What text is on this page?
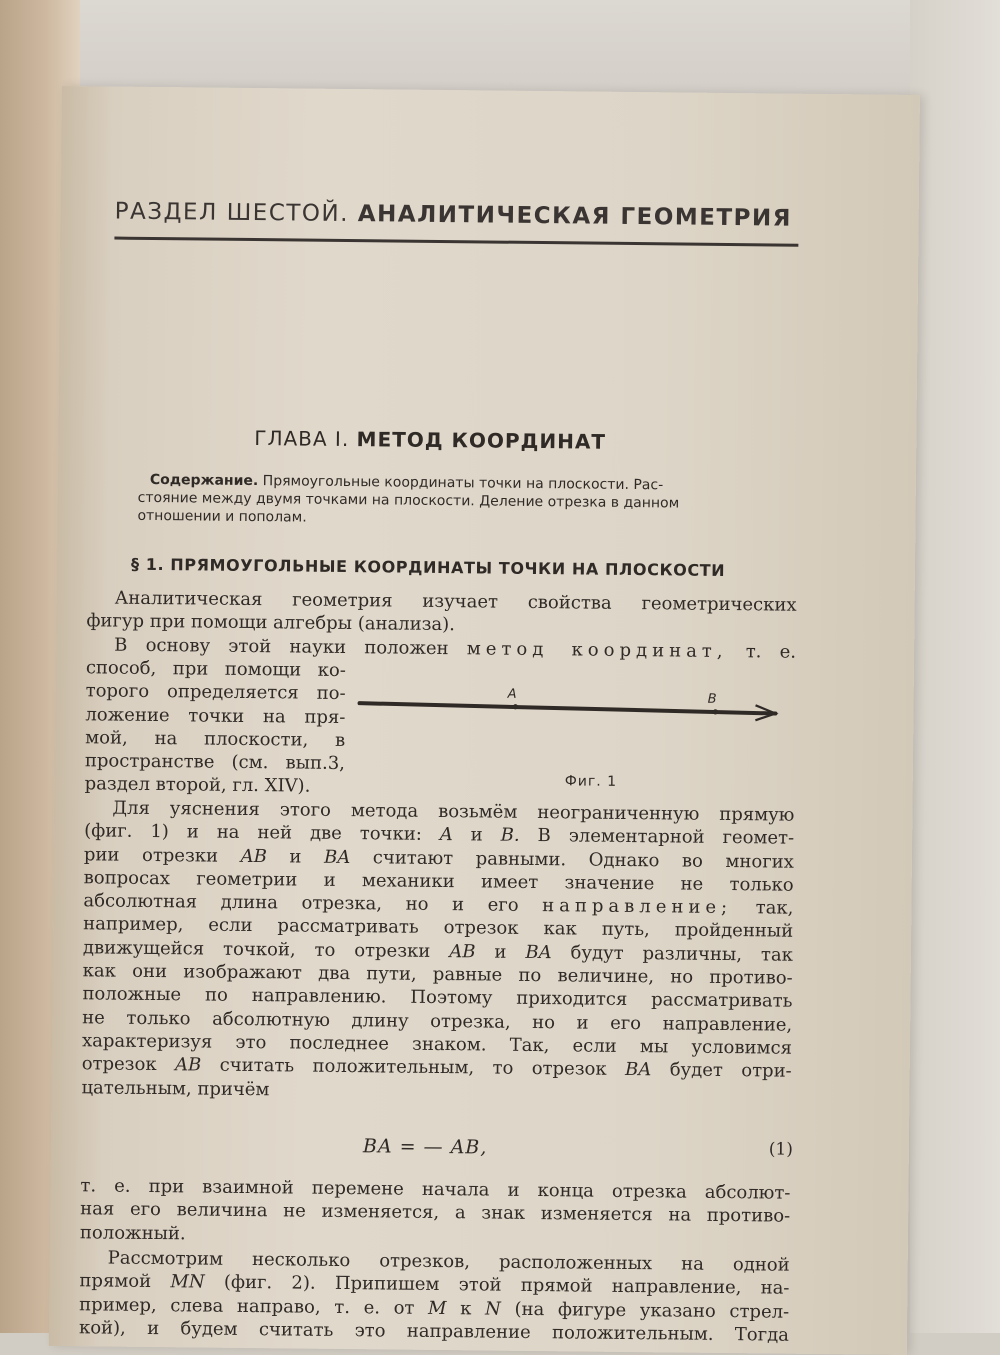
РАЗДЕЛ ШЕСТОЙ. АНАЛИТИЧЕСКАЯ ГЕОМЕТРИЯ
ГЛАВА I. МЕТОД КООРДИНАТ
Содержание. Прямоугольные координаты точки на плоскости. Рас-
стояние между двумя точками на плоскости. Деление отрезка в данном
отношении и пополам.
§ 1. ПРЯМОУГОЛЬНЫЕ КООРДИНАТЫ ТОЧКИ НА ПЛОСКОСТИ
Аналитическая геометрия изучает свойства геометрических
фигур при помощи алгебры (анализа).
В основу этой науки положен метод координат, т. е.
способ, при помощи ко-
торого определяется по-
ложение точки на пря-
мой, на плоскости, в
пространстве (см. вып.3,
раздел второй, гл. XIV).
A	B
Фиг. 1
Для уяснения этого метода возьмём неограниченную прямую
(фиг. 1) и на ней две точки: A и B. В элементарной геомет-
рии отрезки AB и BA считают равными. Однако во многих
вопросах геометрии и механики имеет значение не только
абсолютная длина отрезка, но и его направление; так,
например, если рассматривать отрезок как путь, пройденный
движущейся точкой, то отрезки AB и BA будут различны, так
как они изображают два пути, равные по величине, но противо-
положные по направлению. Поэтому приходится рассматривать
не только абсолютную длину отрезка, но и его направление,
характеризуя это последнее знаком. Так, если мы условимся
отрезок AB считать положительным, то отрезок BA будет отри-
цательным, причём
BA = — AB,	(1)
т. е. при взаимной перемене начала и конца отрезка абсолют-
ная его величина не изменяется, а знак изменяется на противо-
положный.
Рассмотрим несколько отрезков, расположенных на одной
прямой MN (фиг. 2). Припишем этой прямой направление, на-
пример, слева направо, т. е. от M к N (на фигуре указано стрел-
кой), и будем считать это направление положительным. Тогда
